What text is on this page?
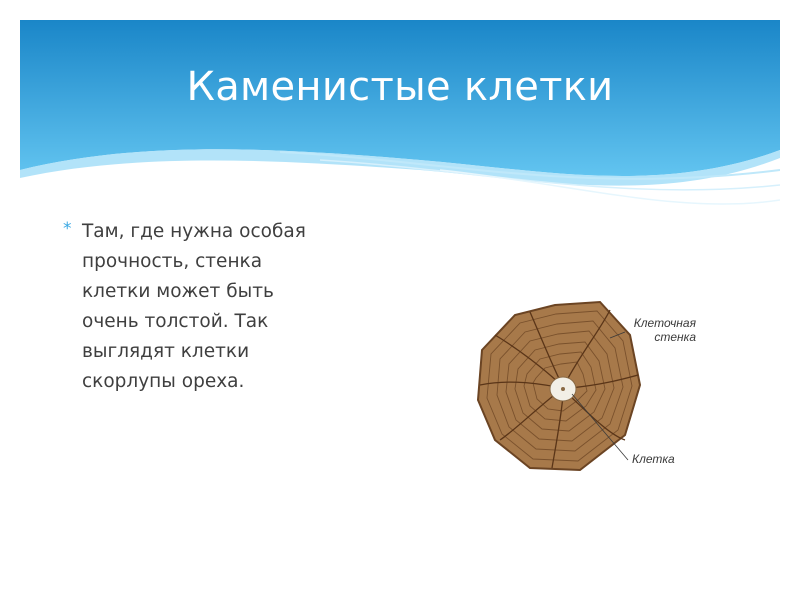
Каменистые клетки
* Там, где нужна особая
прочность, стенка
клетки может быть
очень толстой. Так
выглядят клетки
скорлупы ореха.

Клеточная
стенка
Клетка
